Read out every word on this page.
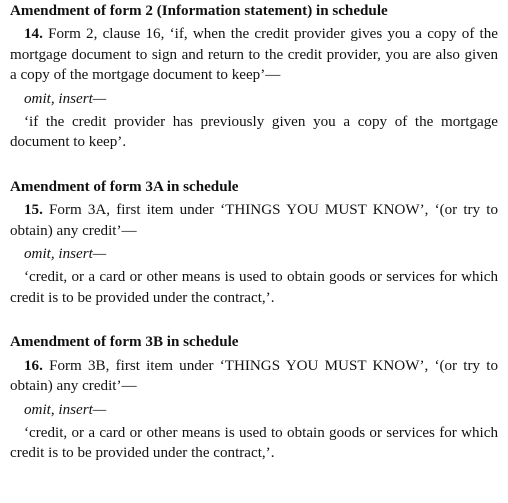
Amendment of form 2 (Information statement) in schedule

14. Form 2, clause 16, ‘if, when the credit provider gives you a copy of the mortgage document to sign and return to the credit provider, you are also given a copy of the mortgage document to keep’—

omit, insert—

‘if the credit provider has previously given you a copy of the mortgage document to keep’.

Amendment of form 3A in schedule

15. Form 3A, first item under ‘THINGS YOU MUST KNOW’, ‘(or try to obtain) any credit’—

omit, insert—

‘credit, or a card or other means is used to obtain goods or services for which credit is to be provided under the contract,’.

Amendment of form 3B in schedule

16. Form 3B, first item under ‘THINGS YOU MUST KNOW’, ‘(or try to obtain) any credit’—

omit, insert—

‘credit, or a card or other means is used to obtain goods or services for which credit is to be provided under the contract,’.
